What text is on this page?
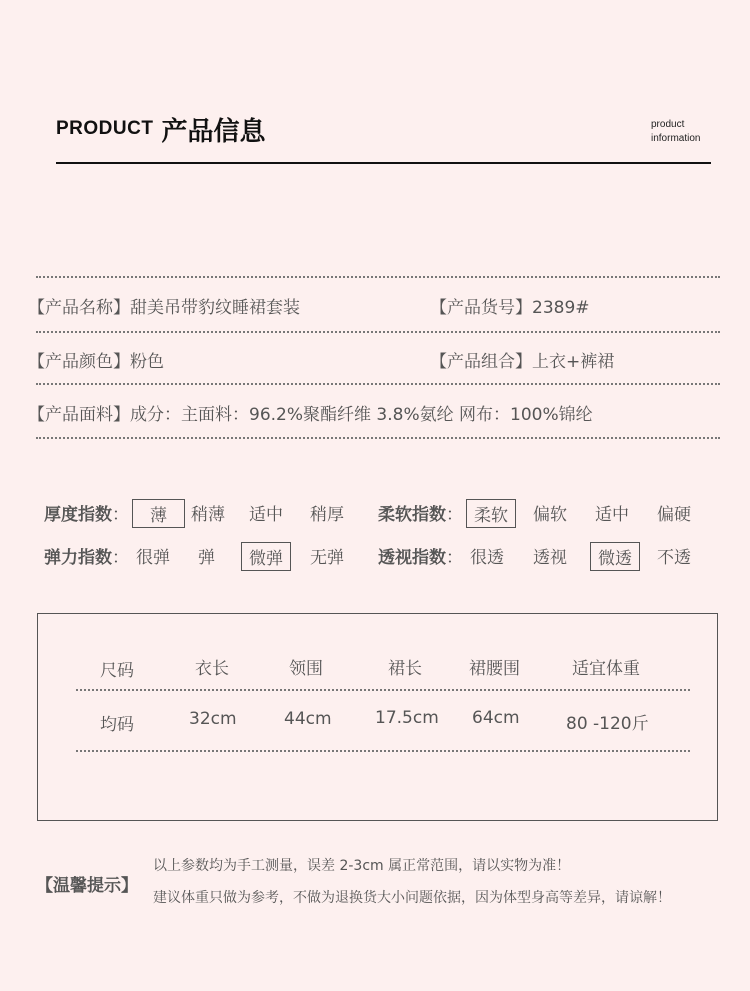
PRODUCT 产品信息	product
information
【产品名称】甜美吊带豹纹睡裙套装	【产品货号】2389#
【产品颜色】粉色	【产品组合】上衣+裤裙
【产品面料】成分：主面料：96.2%聚酯纤维 3.8%氨纶 网布：100%锦纶
厚度指数：	薄	稍薄 适中 稍厚 柔软指数： 柔软	偏软 适中 偏硬
弹力指数： 很弹 弹	微弹	无弹 透视指数： 很透 透视	微透	不透
尺码	衣长	领围	裙长	裙腰围	适宜体重
均码	32cm	44cm	17.5cm 64cm	80 -120斤
【温馨提示】
以上参数均为手工测量，误差 2-3cm 属正常范围，请以实物为准！
建议体重只做为参考，不做为退换货大小问题依据，因为体型身高等差异，请谅解！
